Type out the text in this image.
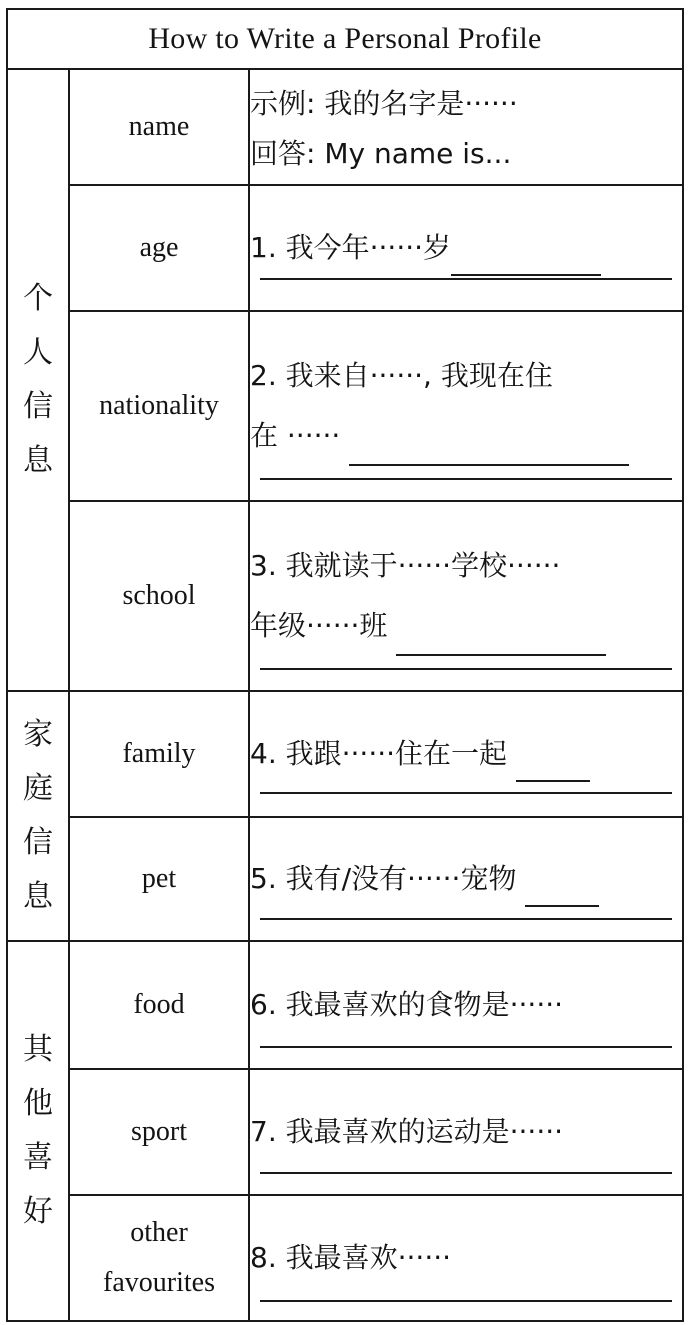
How to Write a Personal Profile		

个
人
信
息	name	示例: 我的名字是······
回答: My name is...

	age	1. 我今年······岁

	nationality	2. 我来自······, 我现在住
在 ······

	school	3. 我就读于······学校······
年级······班

家
庭
信
息	family	4. 我跟······住在一起

	pet	5. 我有/没有······宠物

其
他
喜
好	food	6. 我最喜欢的食物是······

	sport	7. 我最喜欢的运动是······

	other
favourites	8. 我最喜欢······
